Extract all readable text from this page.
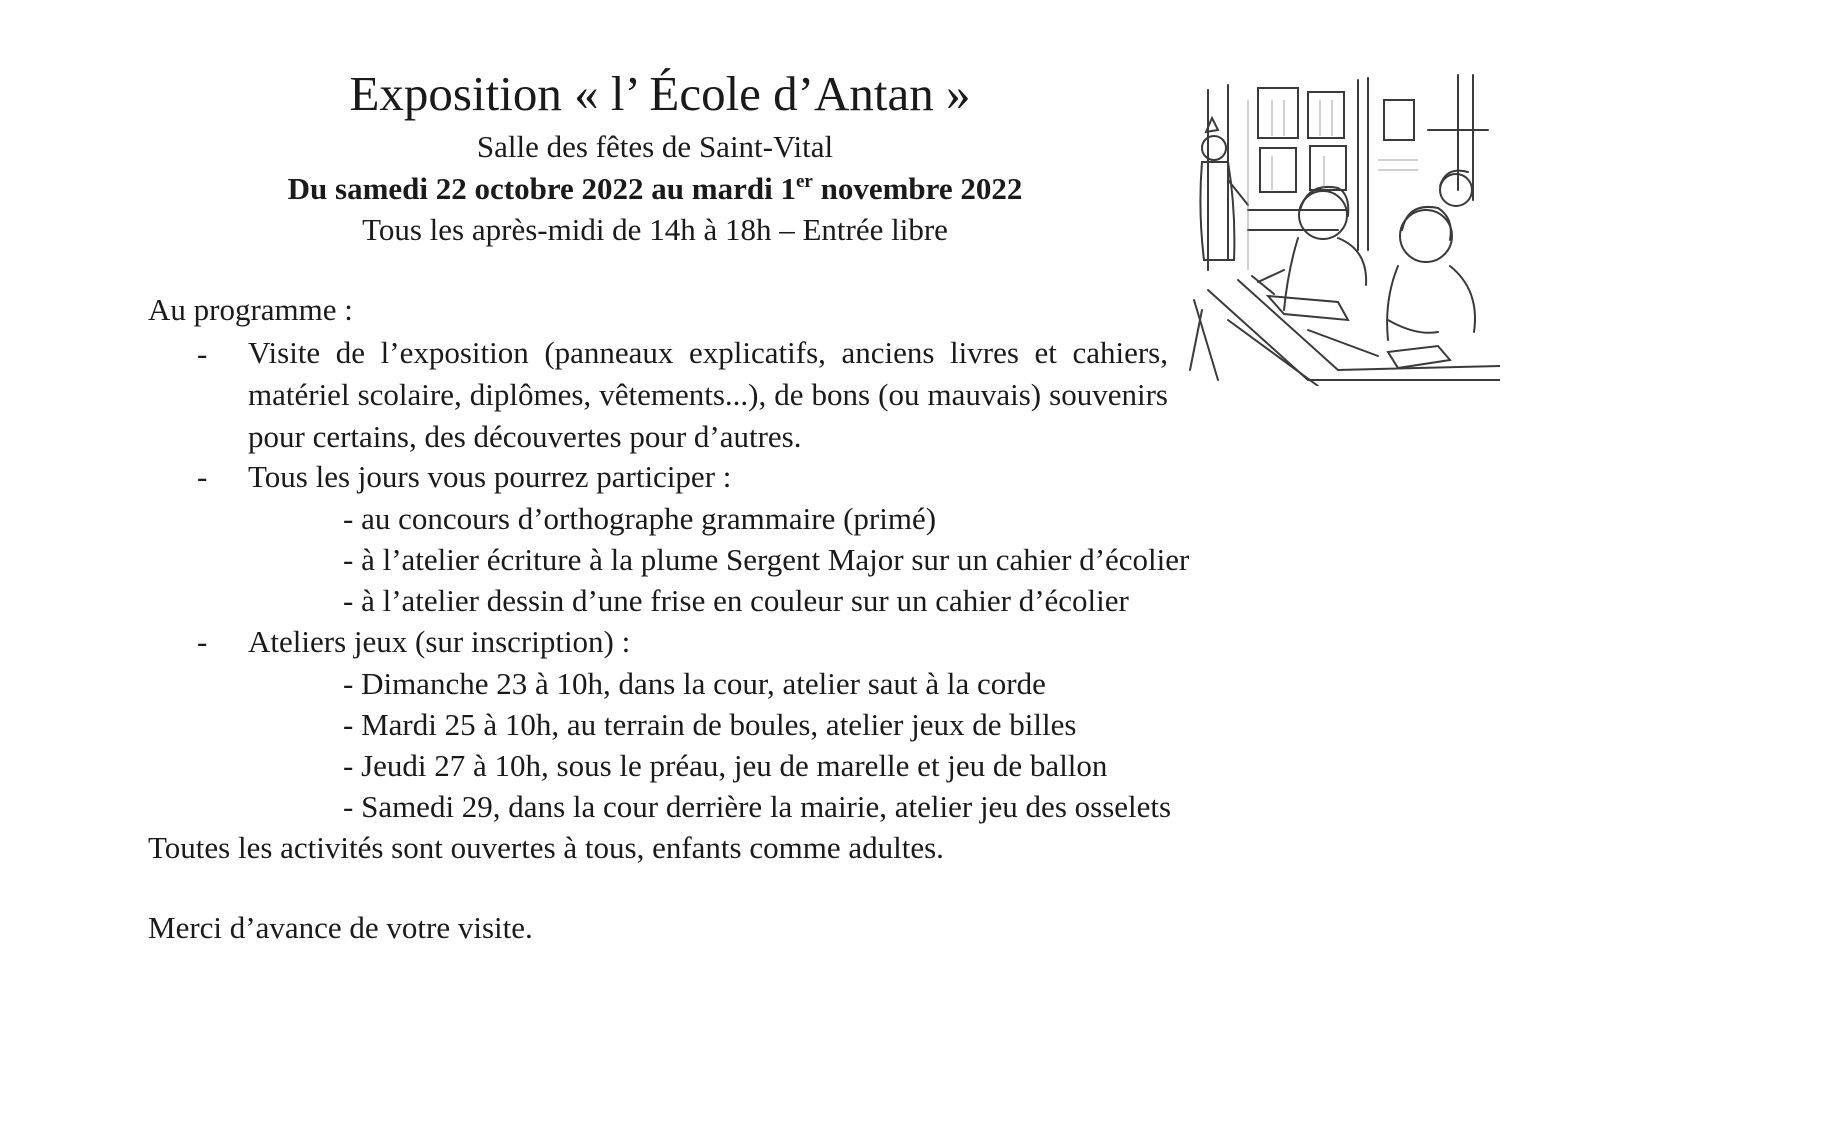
Exposition « l’ École d’Antan »
Salle des fêtes de Saint-Vital
Du samedi 22 octobre 2022 au mardi 1er novembre 2022
Tous les après-midi de 14h à 18h – Entrée libre
Au programme :
- Visite de l’exposition (panneaux explicatifs, anciens livres et cahiers, matériel scolaire, diplômes, vêtements...), de bons (ou mauvais) souvenirs pour certains, des découvertes pour d’autres.
- Tous les jours vous pourrez participer :
- au concours d’orthographe grammaire (primé)
- à l’atelier écriture à la plume Sergent Major sur un cahier d’écolier
- à l’atelier dessin d’une frise en couleur sur un cahier d’écolier
- Ateliers jeux (sur inscription) :
- Dimanche 23 à 10h, dans la cour, atelier saut à la corde
- Mardi 25 à 10h, au terrain de boules, atelier jeux de billes
- Jeudi 27 à 10h, sous le préau, jeu de marelle et jeu de ballon
- Samedi 29, dans la cour derrière la mairie, atelier jeu des osselets
Toutes les activités sont ouvertes à tous, enfants comme adultes.
Merci d’avance de votre visite.
